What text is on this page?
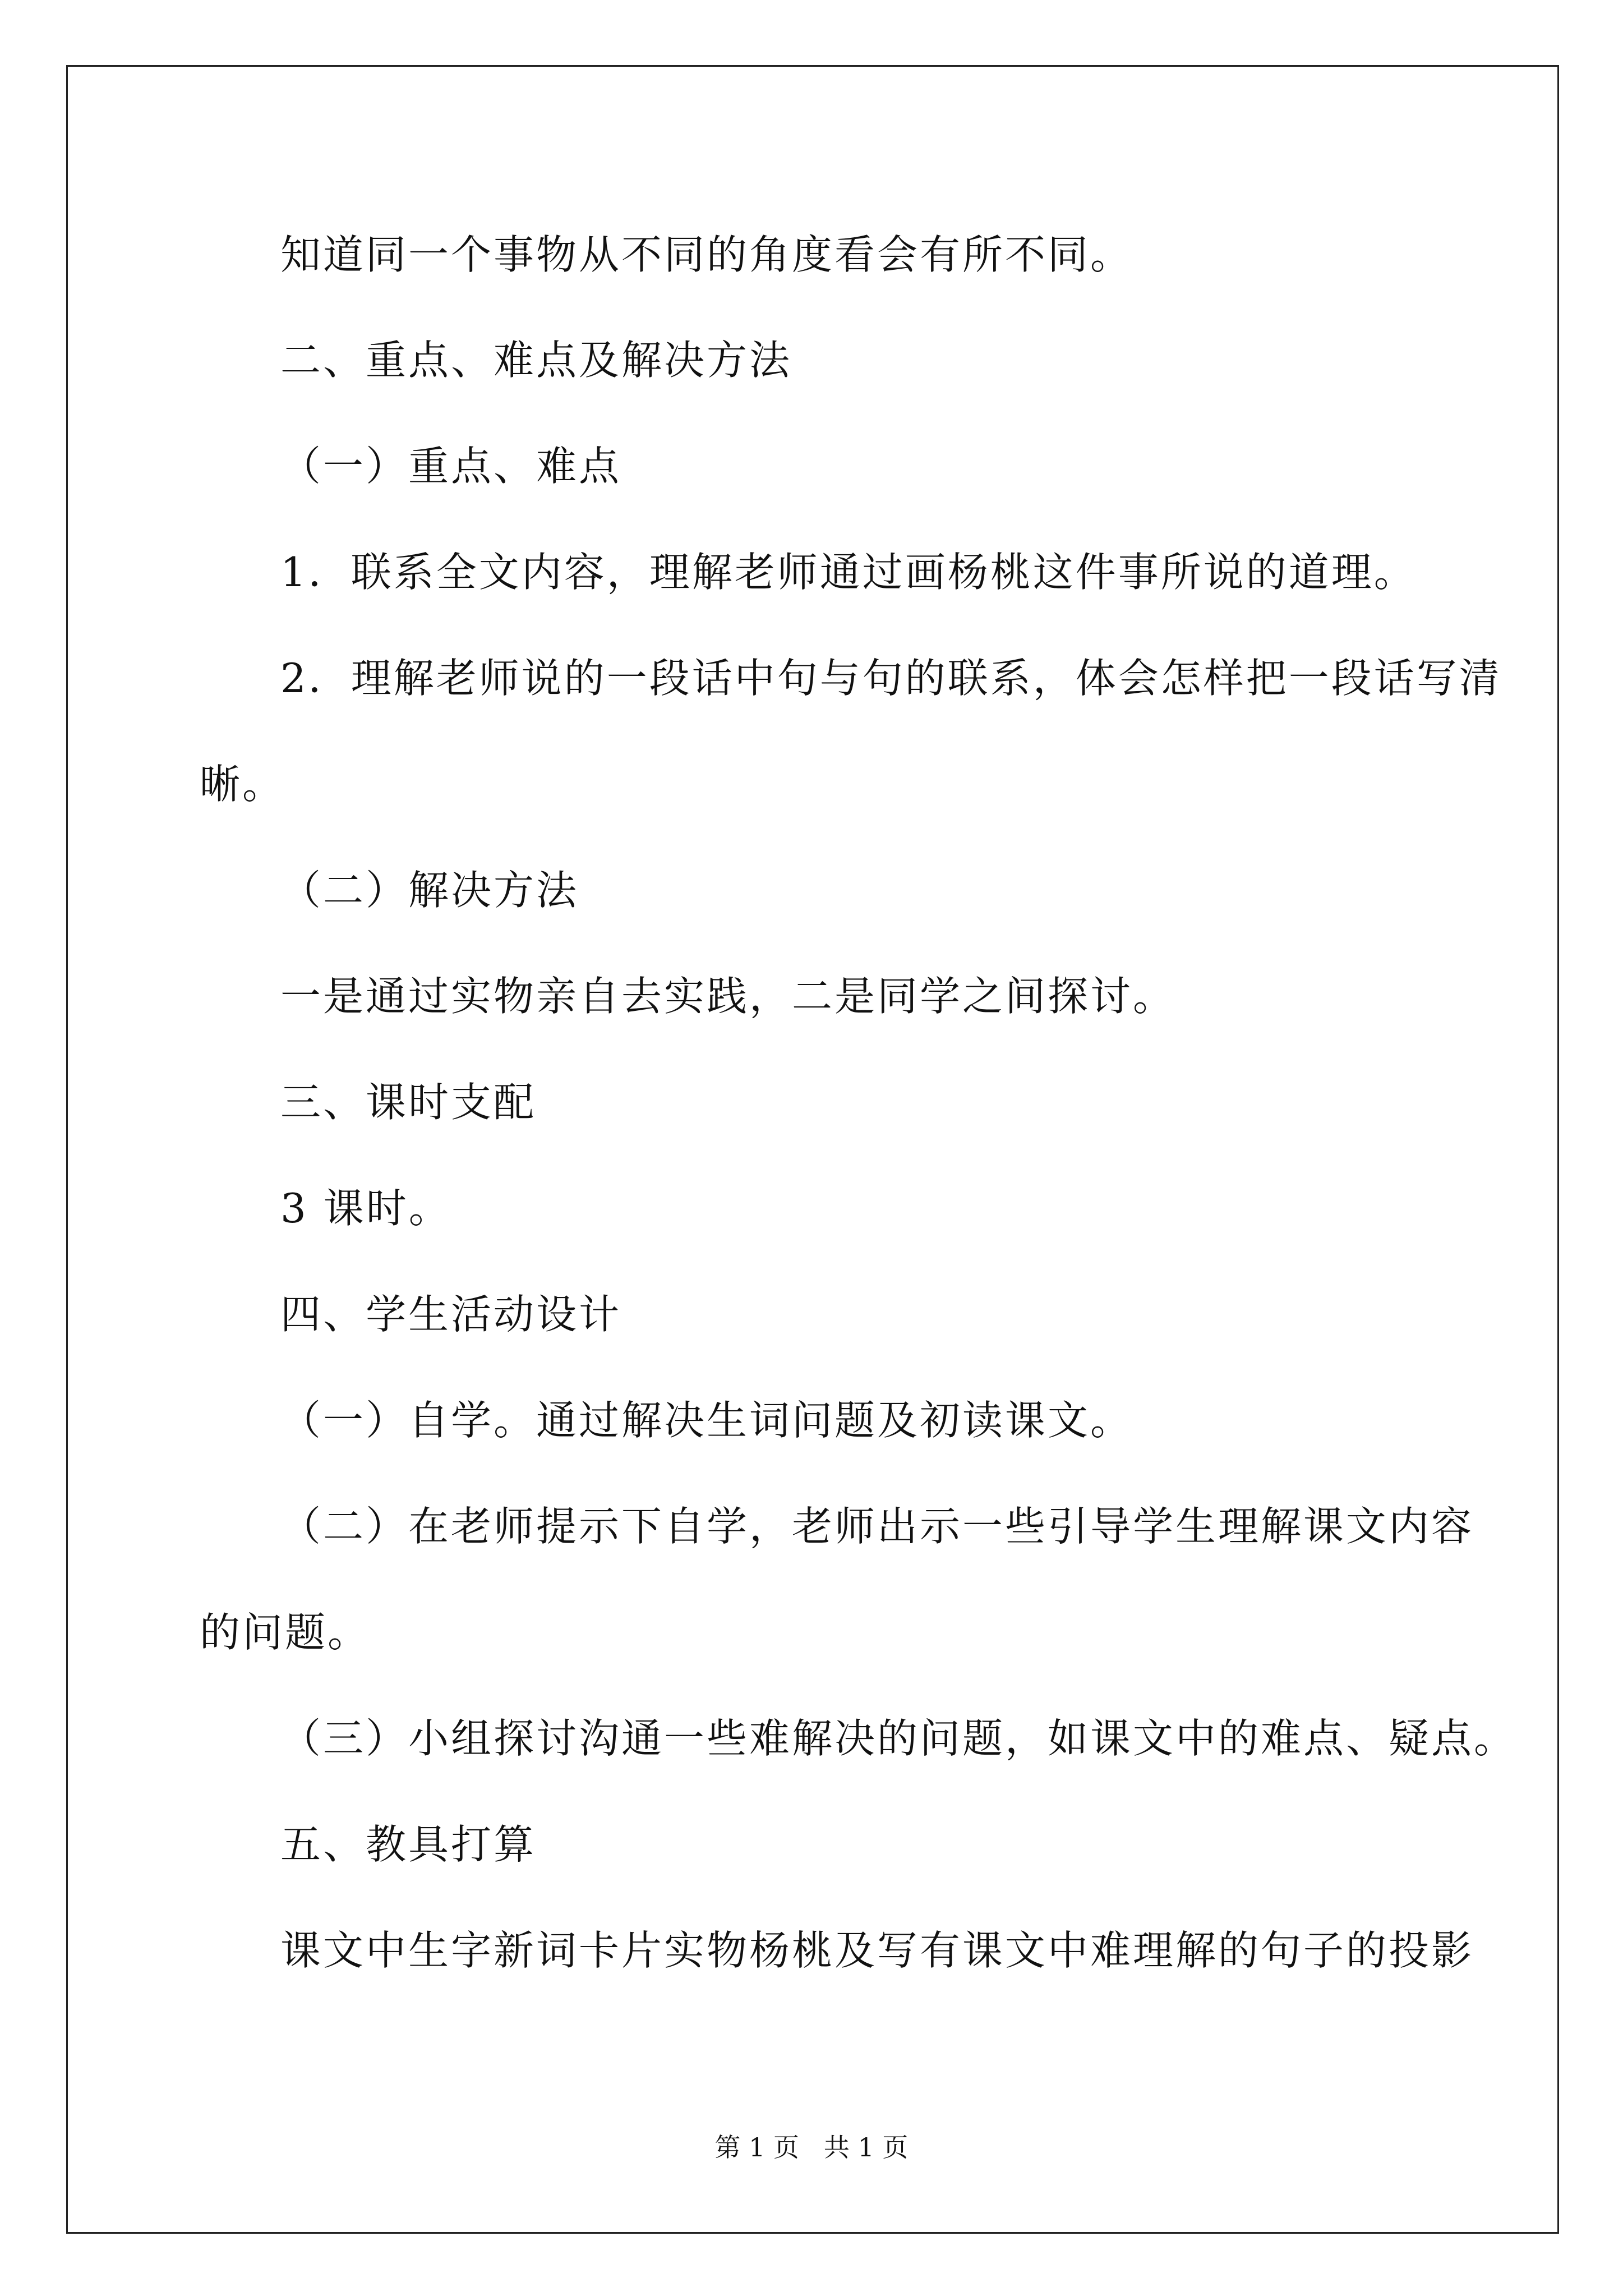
知道同一个事物从不同的角度看会有所不同。

二、重点、难点及解决方法

（一）重点、难点

1．联系全文内容，理解老师通过画杨桃这件事所说的道理。

2．理解老师说的一段话中句与句的联系，体会怎样把一段话写清

晰。

（二）解决方法

一是通过实物亲自去实践，二是同学之间探讨。

三、课时支配

3 课时。

四、学生活动设计

（一）自学。通过解决生词问题及初读课文。

（二）在老师提示下自学，老师出示一些引导学生理解课文内容

的问题。

（三）小组探讨沟通一些难解决的问题，如课文中的难点、疑点。

五、教具打算

课文中生字新词卡片实物杨桃及写有课文中难理解的句子的投影

第 1 页   共 1 页
